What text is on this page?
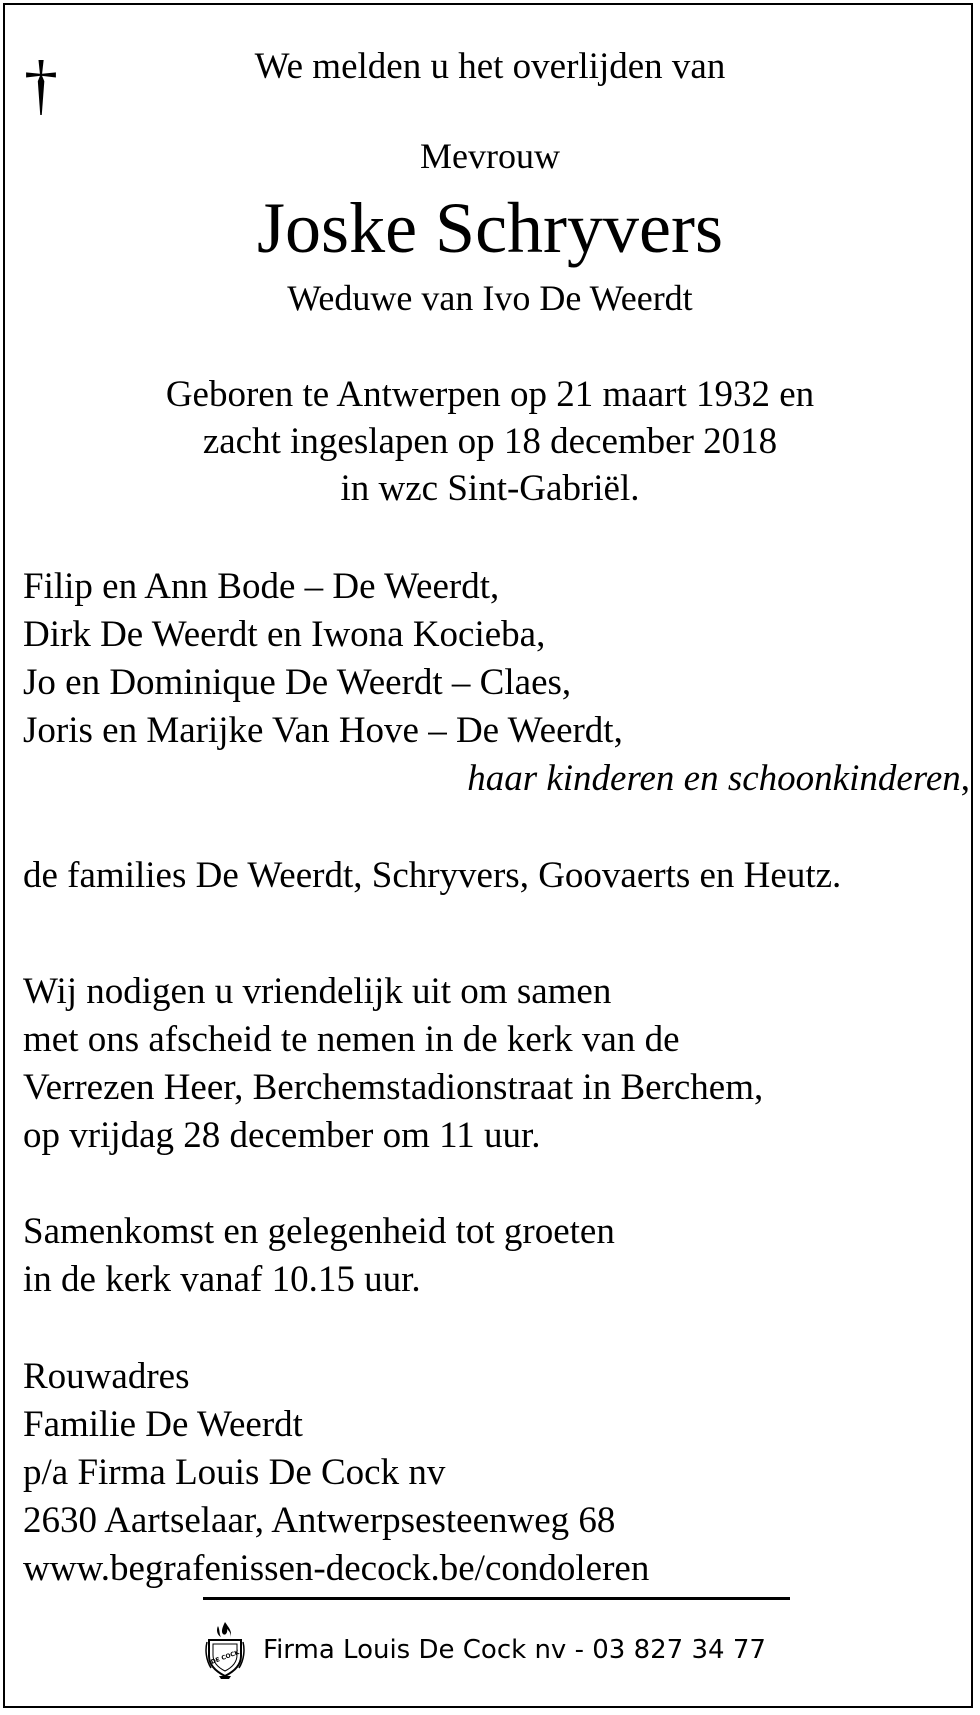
†	We melden u het overlijden van
Mevrouw
Joske Schryvers
Weduwe van Ivo De Weerdt
Geboren te Antwerpen op 21 maart 1932 en
zacht ingeslapen op 18 december 2018
in wzc Sint-Gabriël.
Filip en Ann Bode – De Weerdt,
Dirk De Weerdt en Iwona Kocieba,
Jo en Dominique De Weerdt – Claes,
Joris en Marijke Van Hove – De Weerdt,
haar kinderen en schoonkinderen,
de families De Weerdt, Schryvers, Goovaerts en Heutz.
Wij nodigen u vriendelijk uit om samen
met ons afscheid te nemen in de kerk van de
Verrezen Heer, Berchemstadionstraat in Berchem,
op vrijdag 28 december om 11 uur.
Samenkomst en gelegenheid tot groeten
in de kerk vanaf 10.15 uur.
Rouwadres
Familie De Weerdt
p/a Firma Louis De Cock nv
2630 Aartselaar, Antwerpsesteenweg 68
www.begrafenissen-decock.be/condoleren
DE COCK Firma Louis De Cock nv - 03 827 34 77
